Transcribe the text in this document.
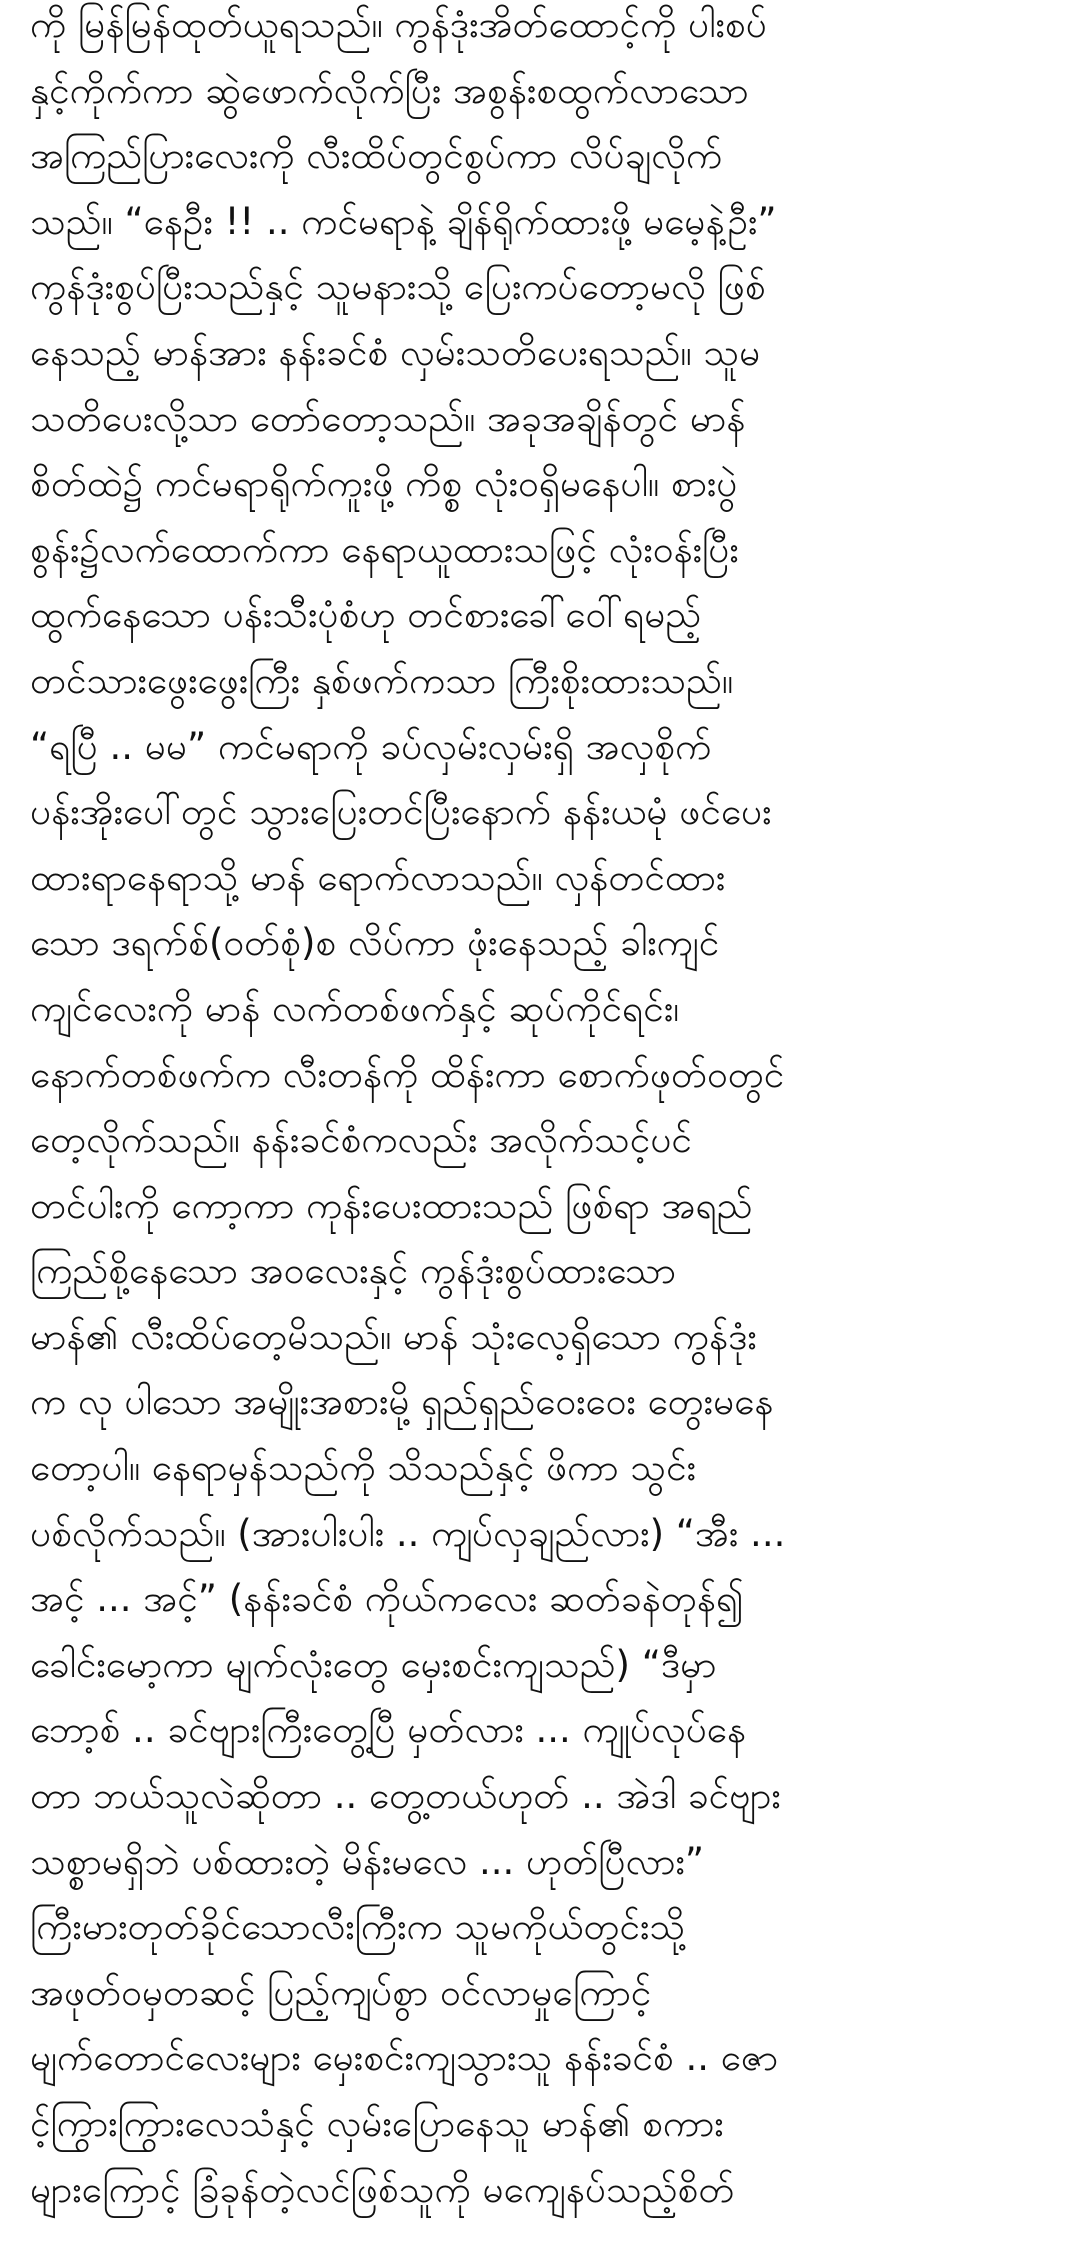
ကို မြန်မြန်ထုတ်ယူရသည်။ ကွန်ဒုံးအိတ်ထောင့်ကို ပါးစပ်
နှင့်ကိုက်ကာ ဆွဲဖောက်လိုက်ပြီး အစွန်းစထွက်လာသော
အကြည်ပြားလေးကို လီးထိပ်တွင်စွပ်ကာ လိပ်ချလိုက်
သည်။ “နေဦး !! .. ကင်မရာနဲ့ ချိန်ရိုက်ထားဖို့ မမေ့နဲ့ဦး”
ကွန်ဒုံးစွပ်ပြီးသည်နှင့် သူမနားသို့ ပြေးကပ်တော့မလို ဖြစ်
နေသည့် မာန်အား နန်းခင်စံ လှမ်းသတိပေးရသည်။ သူမ
သတိပေးလို့သာ တော်တော့သည်။ အခုအချိန်တွင် မာန်
စိတ်ထဲ၌ ကင်မရာရိုက်ကူးဖို့ ကိစ္စ လုံးဝရှိမနေပါ။ စားပွဲ
စွန်း၌လက်ထောက်ကာ နေရာယူထားသဖြင့် လုံးဝန်းပြီး
ထွက်နေသော ပန်းသီးပုံစံဟု တင်စားခေါ်ဝေါ်ရမည့်
တင်သားဖွေးဖွေးကြီး နှစ်ဖက်ကသာ ကြီးစိုးထားသည်။
“ရပြီ .. မမ” ကင်မရာကို ခပ်လှမ်းလှမ်းရှိ အလှစိုက်
ပန်းအိုးပေါ်တွင် သွားပြေးတင်ပြီးနောက် နန်းယမုံ ဖင်ပေး
ထားရာနေရာသို့ မာန် ရောက်လာသည်။ လှန်တင်ထား
သော ဒရက်စ်(ဝတ်စုံ)စ လိပ်ကာ ဖုံးနေသည့် ခါးကျင်
ကျင်လေးကို မာန် လက်တစ်ဖက်နှင့် ဆုပ်ကိုင်ရင်း၊
နောက်တစ်ဖက်က လီးတန်ကို ထိန်းကာ စောက်ဖုတ်ဝတွင်
တေ့လိုက်သည်။ နန်းခင်စံကလည်း အလိုက်သင့်ပင်
တင်ပါးကို ကော့ကာ ကုန်းပေးထားသည် ဖြစ်ရာ အရည်
ကြည်စို့နေသော အဝလေးနှင့် ကွန်ဒုံးစွပ်ထားသော
မာန်၏ လီးထိပ်တေ့မိသည်။ မာန် သုံးလေ့ရှိသော ကွန်ဒုံး
က လု ပါသော အမျိုးအစားမို့ ရှည်ရှည်ဝေးဝေး တွေးမနေ
တော့ပါ။ နေရာမှန်သည်ကို သိသည်နှင့် ဖိကာ သွင်း
ပစ်လိုက်သည်။ (အားပါးပါး .. ကျပ်လှချည်လား) “အီး ...
အင့် ... အင့်” (နန်းခင်စံ ကိုယ်ကလေး ဆတ်ခနဲတုန်၍
ခေါင်းမော့ကာ မျက်လုံးတွေ မှေးစင်းကျသည်) “ဒီမှာ
ဘော့စ် .. ခင်ဗျားကြီးတွေ့ပြီ မှတ်လား ... ကျုပ်လုပ်နေ
တာ ဘယ်သူလဲဆိုတာ .. တွေ့တယ်ဟုတ် .. အဲဒါ ခင်ဗျား
သစ္စာမရှိဘဲ ပစ်ထားတဲ့ မိန်းမလေ ... ဟုတ်ပြီလား”
ကြီးမားတုတ်ခိုင်သောလီးကြီးက သူမကိုယ်တွင်းသို့
အဖုတ်ဝမှတဆင့် ပြည့်ကျပ်စွာ ဝင်လာမှုကြောင့်
မျက်တောင်လေးများ မှေးစင်းကျသွားသူ နန်းခင်စံ .. ဇော
င့်ကြွားကြွားလေသံနှင့် လှမ်းပြောနေသူ မာန်၏ စကား
များကြောင့် ခြံခုန်တဲ့လင်ဖြစ်သူကို မကျေနပ်သည့်စိတ်
